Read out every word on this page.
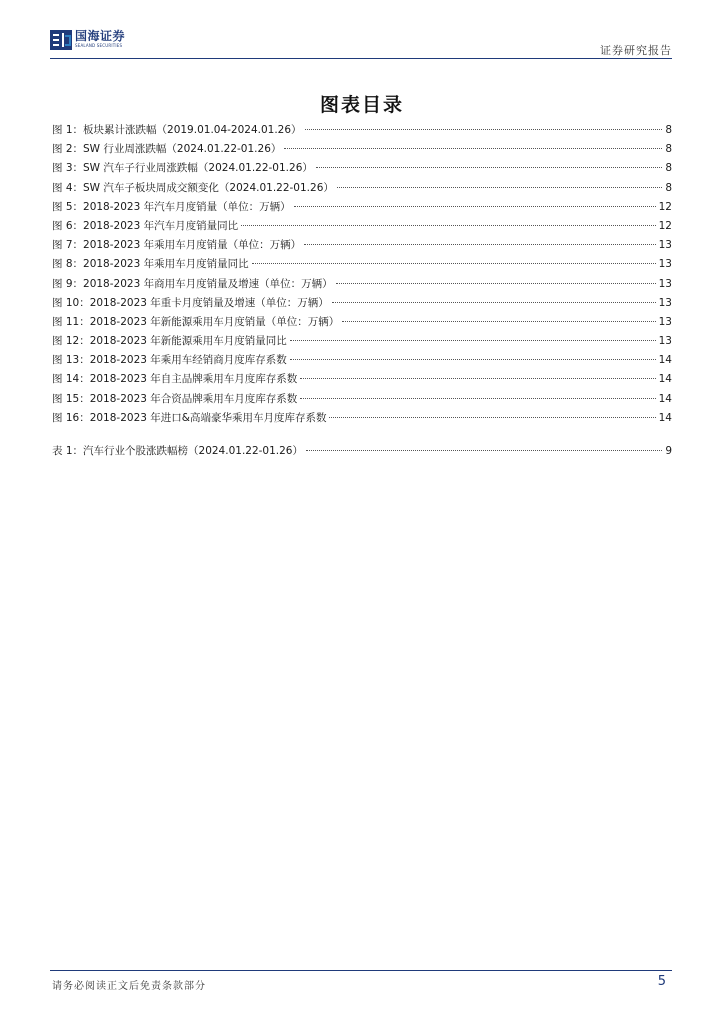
国海证券
SEALAND SECURITIES	证券研究报告
图表目录
图 1：板块累计涨跌幅（2019.01.04-2024.01.26）	8
图 2：SW 行业周涨跌幅（2024.01.22-01.26）	8
图 3：SW 汽车子行业周涨跌幅（2024.01.22-01.26）	8
图 4：SW 汽车子板块周成交额变化（2024.01.22-01.26）	8
图 5：2018-2023 年汽车月度销量（单位：万辆）	12
图 6：2018-2023 年汽车月度销量同比	12
图 7：2018-2023 年乘用车月度销量（单位：万辆）	13
图 8：2018-2023 年乘用车月度销量同比	13
图 9：2018-2023 年商用车月度销量及增速（单位：万辆）	13
图 10：2018-2023 年重卡月度销量及增速（单位：万辆）	13
图 11：2018-2023 年新能源乘用车月度销量（单位：万辆）	13
图 12：2018-2023 年新能源乘用车月度销量同比	13
图 13：2018-2023 年乘用车经销商月度库存系数	14
图 14：2018-2023 年自主品牌乘用车月度库存系数	14
图 15：2018-2023 年合资品牌乘用车月度库存系数	14
图 16：2018-2023 年进口&高端豪华乘用车月度库存系数	14
表 1：汽车行业个股涨跌幅榜（2024.01.22-01.26）	9
请务必阅读正文后免责条款部分	5
